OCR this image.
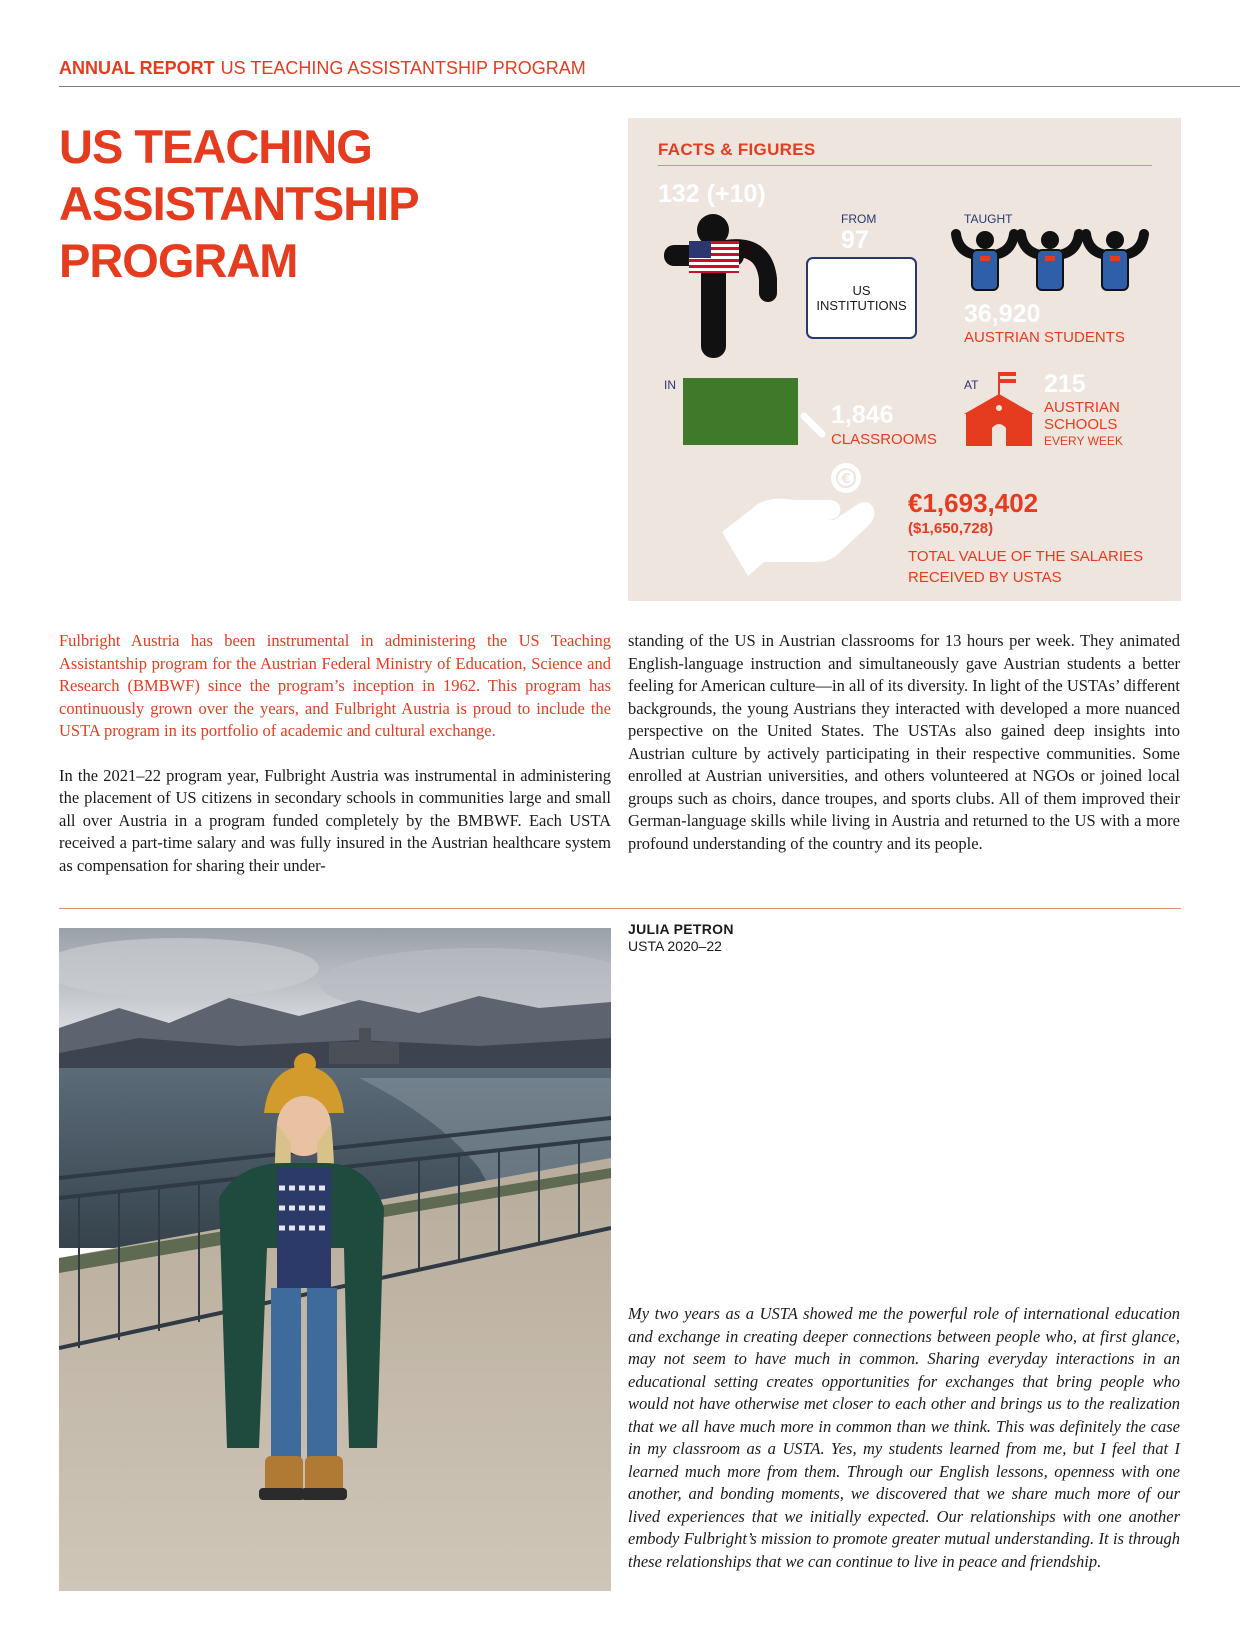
ANNUAL REPORT US TEACHING ASSISTANTSHIP PROGRAM
US TEACHING
ASSISTANTSHIP
PROGRAM
FACTS & FIGURES
132 (+10)
FROM
97
US
INSTITUTIONS
TAUGHT
36,920
AUSTRIAN STUDENTS
IN
1,846
CLASSROOMS
AT	215
AUSTRIAN
SCHOOLS
EVERY WEEK
€
€1,693,402
($1,650,728)
TOTAL VALUE OF THE SALARIES
RECEIVED BY USTAS

Fulbright Austria has been instrumental in administering the US Teaching Assistantship program for the Austrian Federal Ministry of Education, Science and Research (BMBWF) since the program’s inception in 1962. This program has continuously grown over the years, and Fulbright Austria is proud to include the USTA program in its portfolio of academic and cultural exchange.

In the 2021–22 program year, Fulbright Austria was instrumental in administering the placement of US citizens in secondary schools in communities large and small all over Austria in a program funded completely by the BMBWF. Each USTA received a part-time salary and was fully insured in the Austrian healthcare system as compensation for sharing their under-

standing of the US in Austrian classrooms for 13 hours per week. They animated English-language instruction and simultaneously gave Austrian students a better feeling for American culture—in all of its diversity. In light of the USTAs’ different backgrounds, the young Austrians they interacted with developed a more nuanced perspective on the United States. The USTAs also gained deep insights into Austrian culture by actively participating in their respective communities. Some enrolled at Austrian universities, and others volunteered at NGOs or joined local groups such as choirs, dance troupes, and sports clubs. All of them improved their German-language skills while living in Austria and returned to the US with a more profound understanding of the country and its people.

JULIA PETRON
USTA 2020–22
My two years as a USTA showed me the powerful role of international education and exchange in creating deeper connections between people who, at first glance, may not seem to have much in common. Sharing everyday interactions in an educational setting creates opportunities for exchanges that bring people who would not have otherwise met closer to each other and brings us to the realization that we all have much more in common than we think. This was definitely the case in my classroom as a USTA. Yes, my students learned from me, but I feel that I learned much more from them. Through our English lessons, openness with one another, and bonding moments, we discovered that we share much more of our lived experiences that we initially expected. Our relationships with one another embody Fulbright’s mission to promote greater mutual understanding. It is through these relationships that we can continue to live in peace and friendship.
